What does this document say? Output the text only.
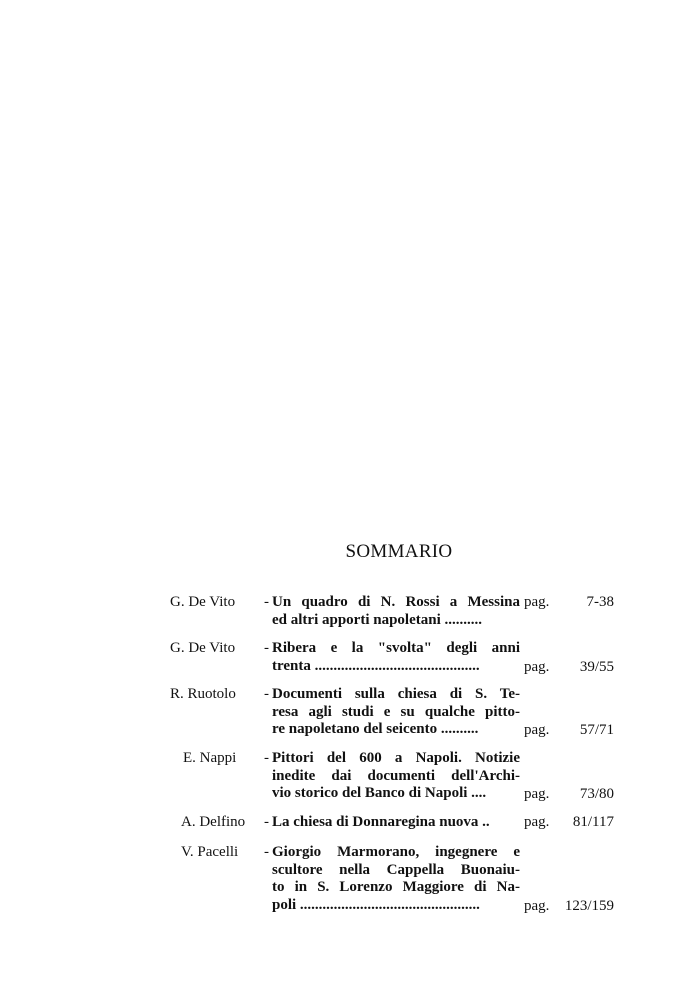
SOMMARIO
G. De Vito	- Un quadro di N. Rossi a Messina
ed altri apporti napoletani ..........
pag.	7-38
G. De Vito	- Ribera e la "svolta" degli anni
trenta ............................................	pag.	39/55
R. Ruotolo	- Documenti sulla chiesa di S. Te-
resa agli studi e su qualche pitto-
re napoletano del seicento ..........	pag.	57/71
E. Nappi	- Pittori del 600 a Napoli. Notizie
inedite dai documenti dell'Archi-
vio storico del Banco di Napoli ....	pag.	73/80
A. Delfino	- La chiesa di Donnaregina nuova ..	pag.	81/117
V. Pacelli	- Giorgio Marmorano, ingegnere e
scultore nella Cappella Buonaiu-
to in S. Lorenzo Maggiore di Na-
poli ................................................	pag.	123/159
